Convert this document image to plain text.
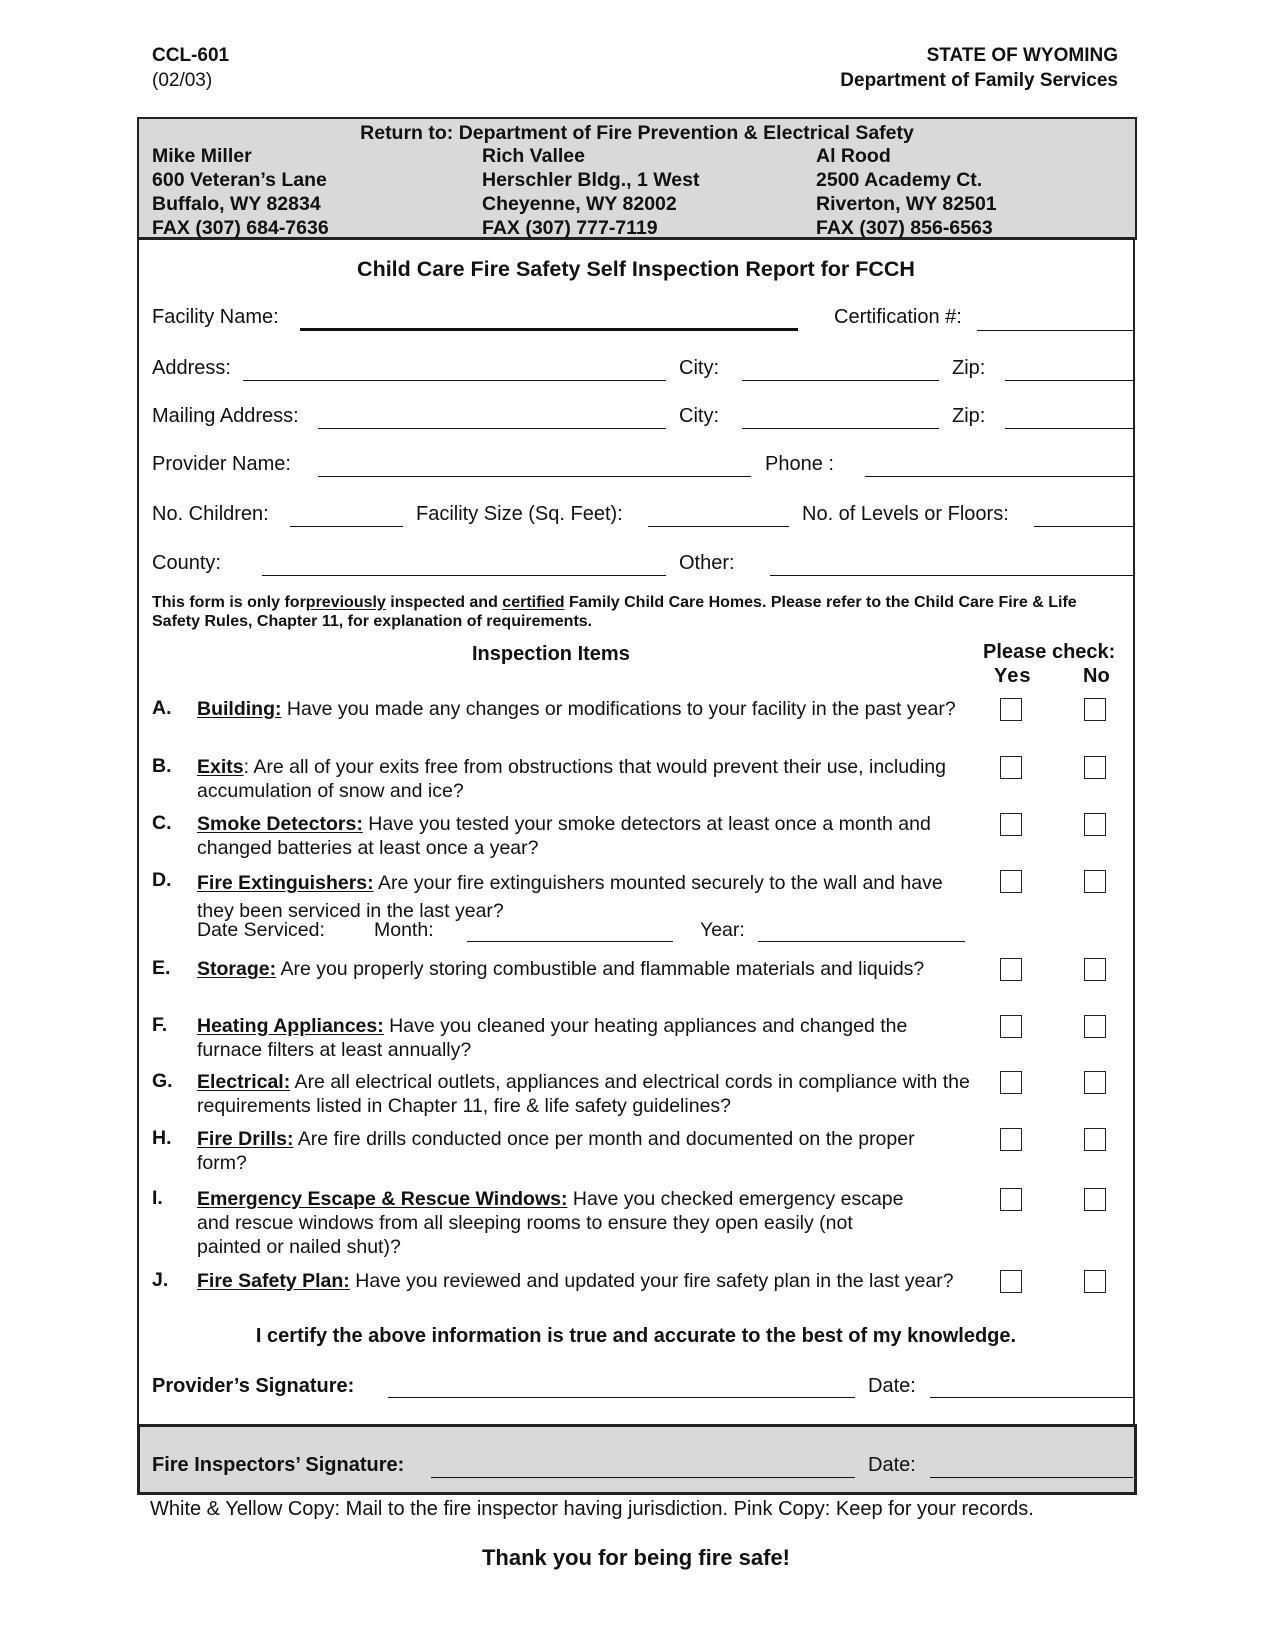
CCL-601
(02/03)
STATE OF WYOMING
Department of Family Services
Return to: Department of Fire Prevention & Electrical Safety
Mike Miller
600 Veteran’s Lane
Buffalo, WY 82834
FAX (307) 684-7636
Rich Vallee
Herschler Bldg., 1 West
Cheyenne, WY 82002
FAX (307) 777-7119
Al Rood
2500 Academy Ct.
Riverton, WY 82501
FAX (307) 856-6563
Child Care Fire Safety Self Inspection Report for FCCH
Facility Name:	Certification #:
Address:	City:	Zip:
Mailing Address:	City:	Zip:
Provider Name:	Phone :
No. Children:	Facility Size (Sq. Feet):	No. of Levels or Floors:
County:	Other:
This form is only forpreviously inspected and certified Family Child Care Homes. Please refer to the Child Care Fire & Life Safety Rules, Chapter 11, for explanation of requirements.
Inspection Items	Please check:
Yes	No
A. Building: Have you made any changes or modifications to your facility in the past year?
B. Exits: Are all of your exits free from obstructions that would prevent their use, including accumulation of snow and ice?
C. Smoke Detectors: Have you tested your smoke detectors at least once a month and changed batteries at least once a year?
D. Fire Extinguishers: Are your fire extinguishers mounted securely to the wall and have they been serviced in the last year?
Date Serviced:	Month:	Year:
E. Storage: Are you properly storing combustible and flammable materials and liquids?
F. Heating Appliances: Have you cleaned your heating appliances and changed the furnace filters at least annually?
G. Electrical: Are all electrical outlets, appliances and electrical cords in compliance with the requirements listed in Chapter 11, fire & life safety guidelines?
H. Fire Drills: Are fire drills conducted once per month and documented on the proper form?
I. Emergency Escape & Rescue Windows: Have you checked emergency escape and rescue windows from all sleeping rooms to ensure they open easily (not painted or nailed shut)?
J. Fire Safety Plan: Have you reviewed and updated your fire safety plan in the last year?
I certify the above information is true and accurate to the best of my knowledge.
Provider’s Signature:	Date:
Fire Inspectors’ Signature:	Date:
White & Yellow Copy: Mail to the fire inspector having jurisdiction. Pink Copy: Keep for your records.
Thank you for being fire safe!
